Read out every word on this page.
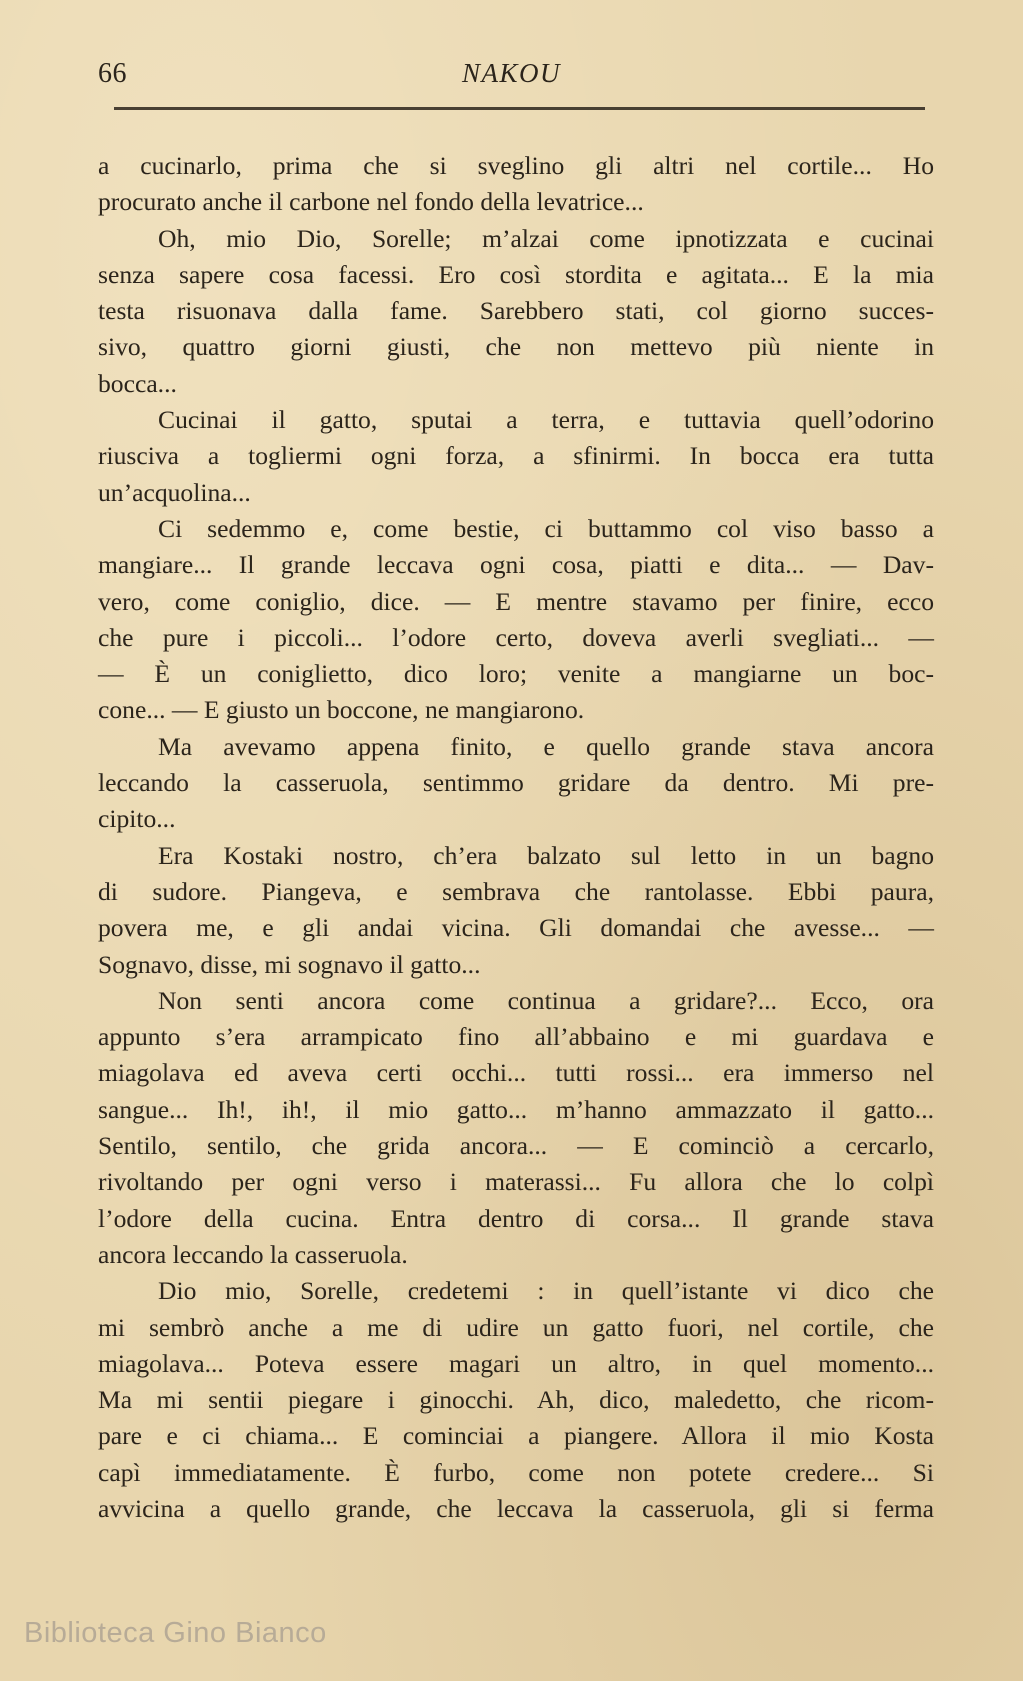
66	NAKOU
a cucinarlo, prima che si sveglino gli altri nel cortile... Ho
procurato anche il carbone nel fondo della levatrice...
Oh, mio Dio, Sorelle; m’alzai come ipnotizzata e cucinai
senza sapere cosa facessi. Ero così stordita e agitata... E la mia
testa risuonava dalla fame. Sarebbero stati, col giorno succes-
sivo, quattro giorni giusti, che non mettevo più niente in
bocca...
Cucinai il gatto, sputai a terra, e tuttavia quell’odorino
riusciva a togliermi ogni forza, a sfinirmi. In bocca era tutta
un’acquolina...
Ci sedemmo e, come bestie, ci buttammo col viso basso a
mangiare... Il grande leccava ogni cosa, piatti e dita... — Dav-
vero, come coniglio, dice. — E mentre stavamo per finire, ecco
che pure i piccoli... l’odore certo, doveva averli svegliati... —
— È un coniglietto, dico loro; venite a mangiarne un boc-
cone... — E giusto un boccone, ne mangiarono.
Ma avevamo appena finito, e quello grande stava ancora
leccando la casseruola, sentimmo gridare da dentro. Mi pre-
cipito...
Era Kostaki nostro, ch’era balzato sul letto in un bagno
di sudore. Piangeva, e sembrava che rantolasse. Ebbi paura,
povera me, e gli andai vicina. Gli domandai che avesse... —
Sognavo, disse, mi sognavo il gatto...
Non senti ancora come continua a gridare?... Ecco, ora
appunto s’era arrampicato fino all’abbaino e mi guardava e
miagolava ed aveva certi occhi... tutti rossi... era immerso nel
sangue... Ih!, ih!, il mio gatto... m’hanno ammazzato il gatto...
Sentilo, sentilo, che grida ancora... — E cominciò a cercarlo,
rivoltando per ogni verso i materassi... Fu allora che lo colpì
l’odore della cucina. Entra dentro di corsa... Il grande stava
ancora leccando la casseruola.
Dio mio, Sorelle, credetemi : in quell’istante vi dico che
mi sembrò anche a me di udire un gatto fuori, nel cortile, che
miagolava... Poteva essere magari un altro, in quel momento...
Ma mi sentii piegare i ginocchi. Ah, dico, maledetto, che ricom-
pare e ci chiama... E cominciai a piangere. Allora il mio Kosta
capì immediatamente. È furbo, come non potete credere... Si
avvicina a quello grande, che leccava la casseruola, gli si ferma
Biblioteca Gino Bianco
